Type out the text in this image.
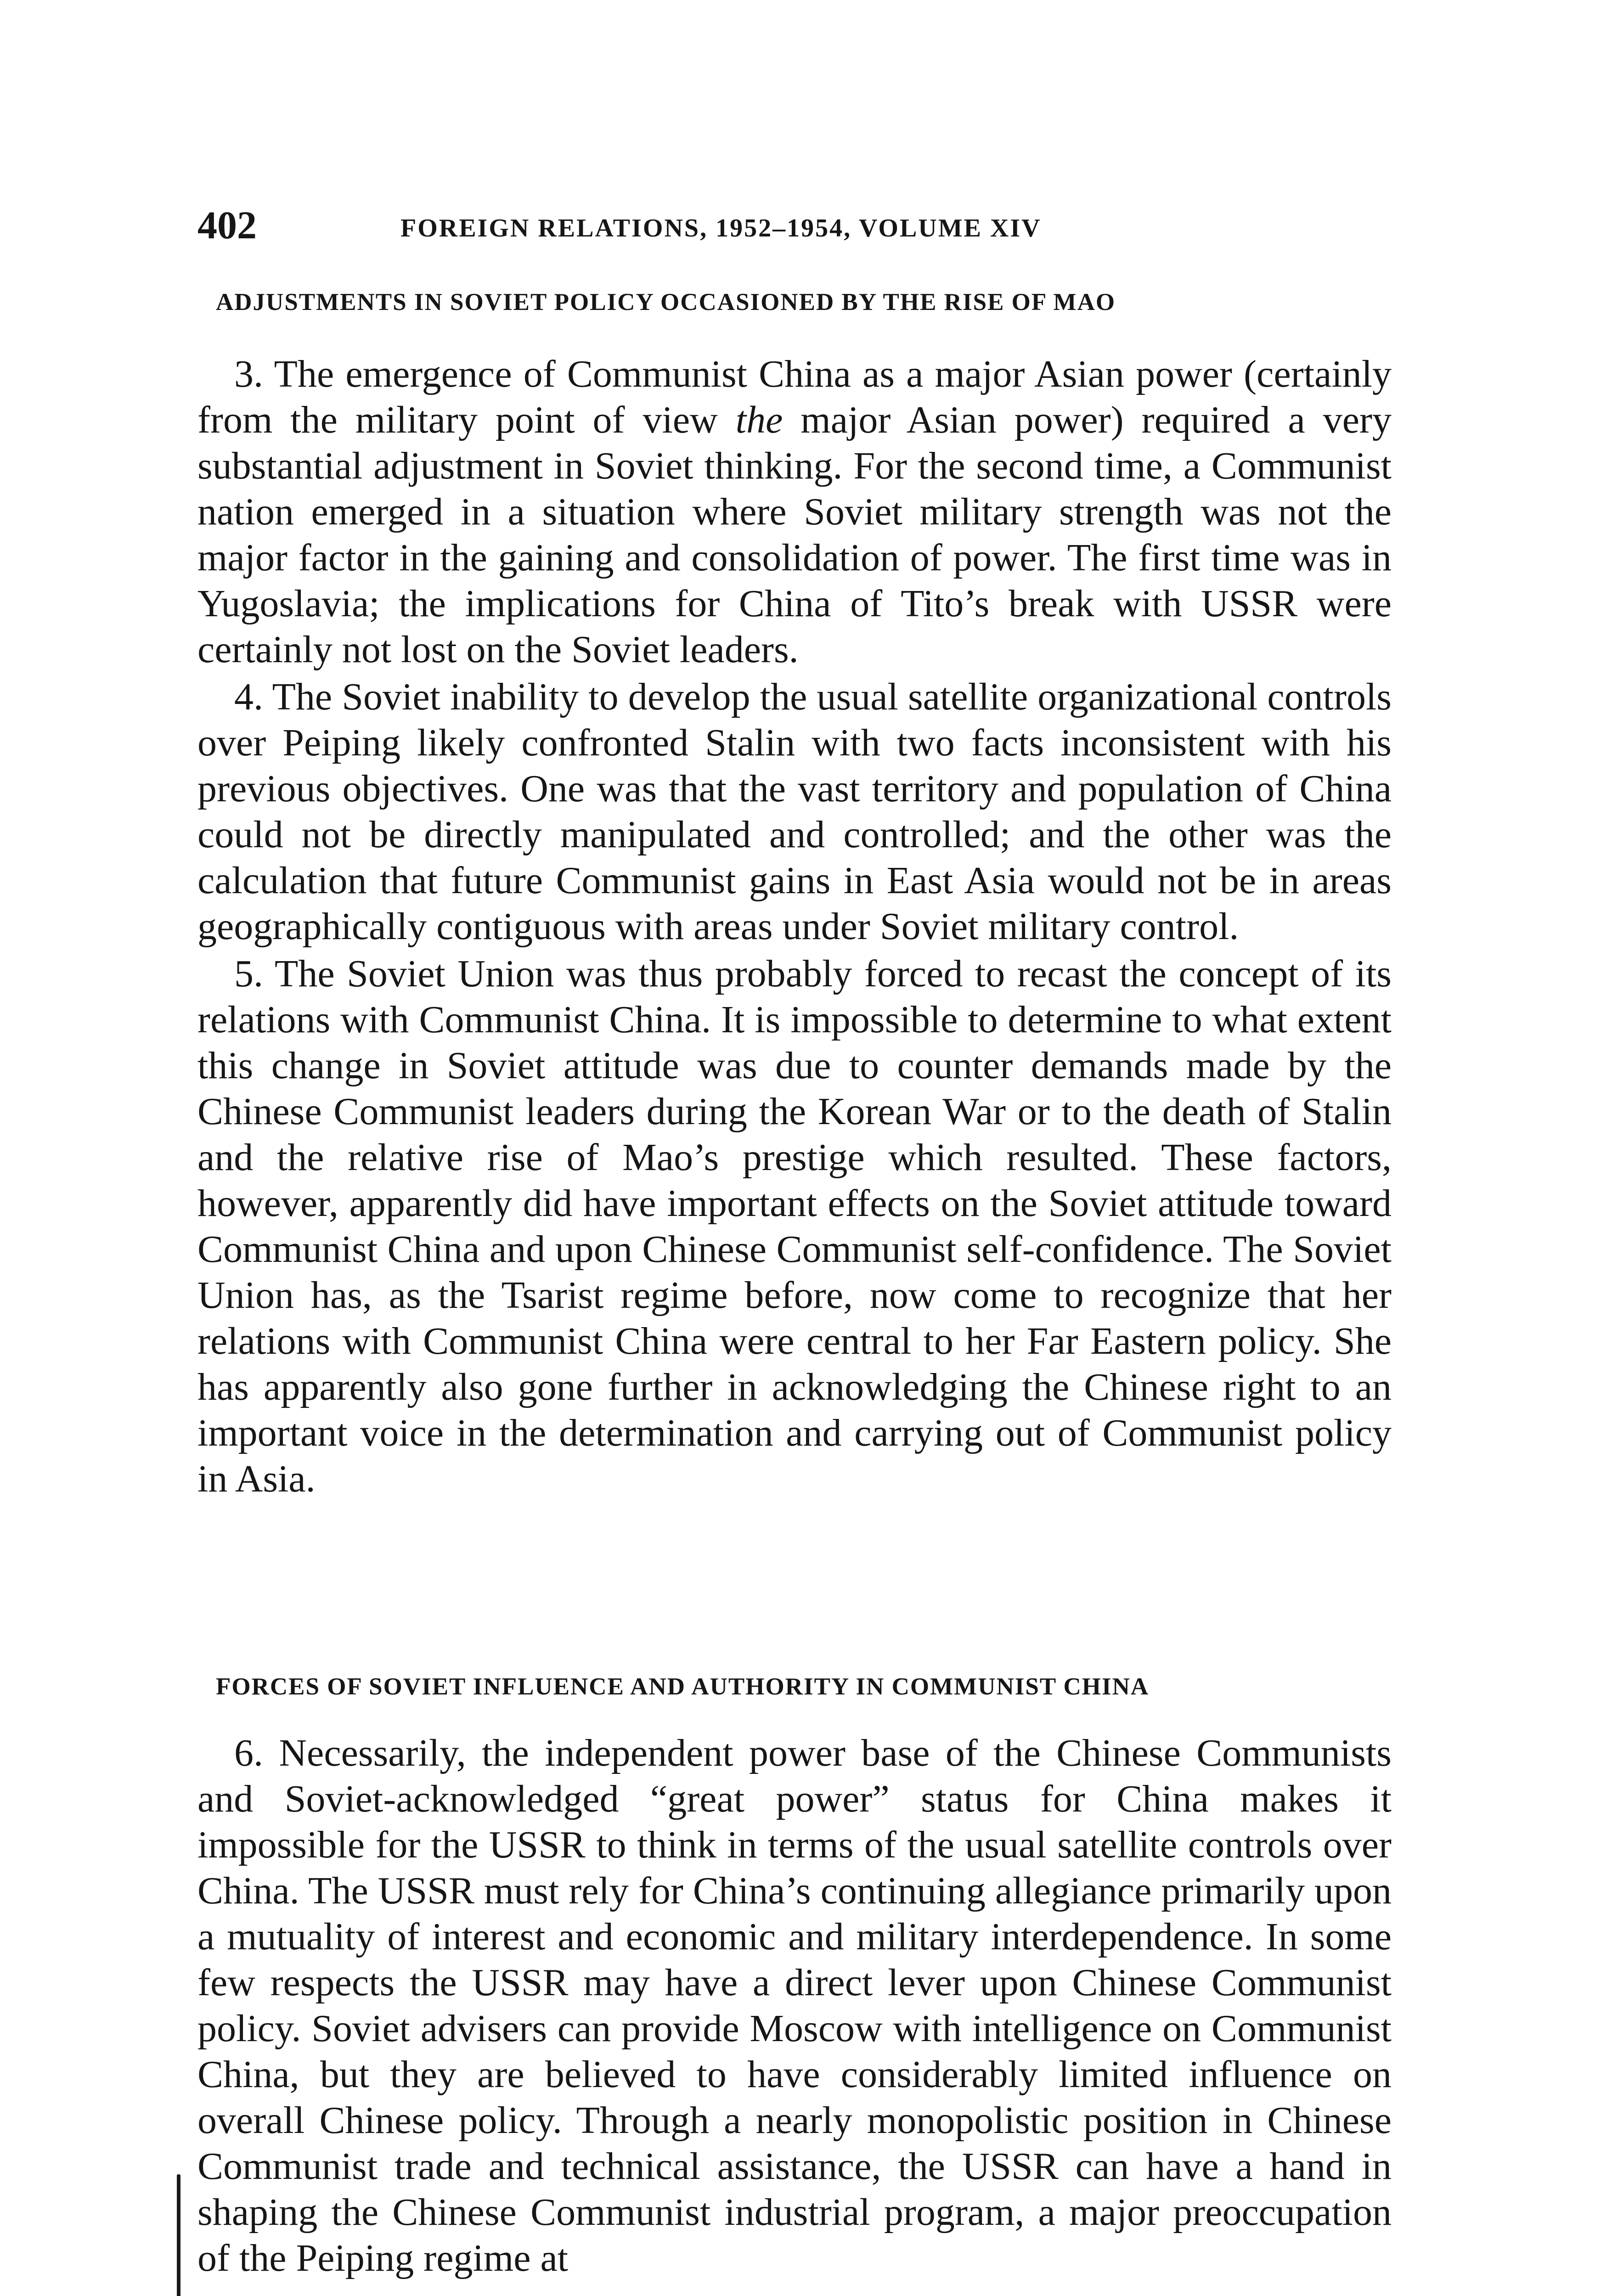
402	FOREIGN RELATIONS, 1952–1954, VOLUME XIV
ADJUSTMENTS IN SOVIET POLICY OCCASIONED BY THE RISE OF MAO

3. The emergence of Communist China as a major Asian power (certainly from the military point of view the major Asian power) required a very substantial adjustment in Soviet thinking. For the second time, a Communist nation emerged in a situation where Soviet military strength was not the major factor in the gaining and consolidation of power. The first time was in Yugoslavia; the implications for China of Tito’s break with USSR were certainly not lost on the Soviet leaders.

4. The Soviet inability to develop the usual satellite organizational controls over Peiping likely confronted Stalin with two facts inconsistent with his previous objectives. One was that the vast territory and population of China could not be directly manipulated and controlled; and the other was the calculation that future Communist gains in East Asia would not be in areas geographically contiguous with areas under Soviet military control.

5. The Soviet Union was thus probably forced to recast the concept of its relations with Communist China. It is impossible to determine to what extent this change in Soviet attitude was due to counter demands made by the Chinese Communist leaders during the Korean War or to the death of Stalin and the relative rise of Mao’s prestige which resulted. These factors, however, apparently did have important effects on the Soviet attitude toward Communist China and upon Chinese Communist self-confidence. The Soviet Union has, as the Tsarist regime before, now come to recognize that her relations with Communist China were central to her Far Eastern policy. She has apparently also gone further in acknowledging the Chinese right to an important voice in the determination and carrying out of Communist policy in Asia.

FORCES OF SOVIET INFLUENCE AND AUTHORITY IN COMMUNIST CHINA

6. Necessarily, the independent power base of the Chinese Communists and Soviet-acknowledged “great power” status for China makes it impossible for the USSR to think in terms of the usual satellite controls over China. The USSR must rely for China’s continuing allegiance primarily upon a mutuality of interest and economic and military interdependence. In some few respects the USSR may have a direct lever upon Chinese Communist policy. Soviet advisers can provide Moscow with intelligence on Communist China, but they are believed to have considerably limited influence on overall Chinese policy. Through a nearly monopolistic position in Chinese Communist trade and technical assistance, the USSR can have a hand in shaping the Chinese Communist industrial program, a major preoccupation of the Peiping regime at
